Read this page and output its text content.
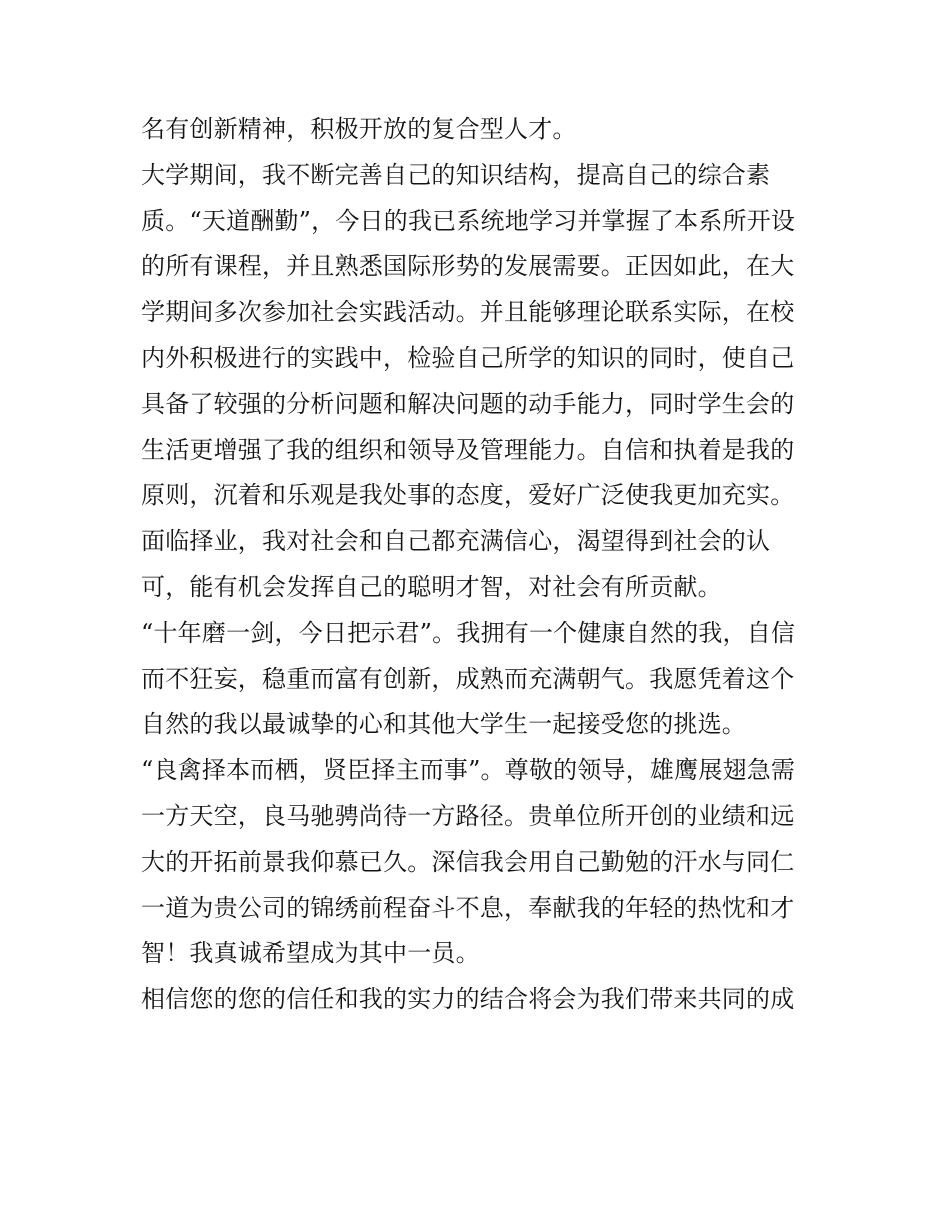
名有创新精神，积极开放的复合型人才。
大学期间，我不断完善自己的知识结构，提高自己的综合素
质。“天道酬勤”，今日的我已系统地学习并掌握了本系所开设
的所有课程，并且熟悉国际形势的发展需要。正因如此，在大
学期间多次参加社会实践活动。并且能够理论联系实际，在校
内外积极进行的实践中，检验自己所学的知识的同时，使自己
具备了较强的分析问题和解决问题的动手能力，同时学生会的
生活更增强了我的组织和领导及管理能力。自信和执着是我的
原则，沉着和乐观是我处事的态度，爱好广泛使我更加充实。
面临择业，我对社会和自己都充满信心，渴望得到社会的认
可，能有机会发挥自己的聪明才智，对社会有所贡献。
“十年磨一剑，今日把示君”。我拥有一个健康自然的我，自信
而不狂妄，稳重而富有创新，成熟而充满朝气。我愿凭着这个
自然的我以最诚挚的心和其他大学生一起接受您的挑选。
“良禽择本而栖，贤臣择主而事”。尊敬的领导，雄鹰展翅急需
一方天空，良马驰骋尚待一方路径。贵单位所开创的业绩和远
大的开拓前景我仰慕已久。深信我会用自己勤勉的汗水与同仁
一道为贵公司的锦绣前程奋斗不息，奉献我的年轻的热忱和才
智！我真诚希望成为其中一员。
相信您的您的信任和我的实力的结合将会为我们带来共同的成
